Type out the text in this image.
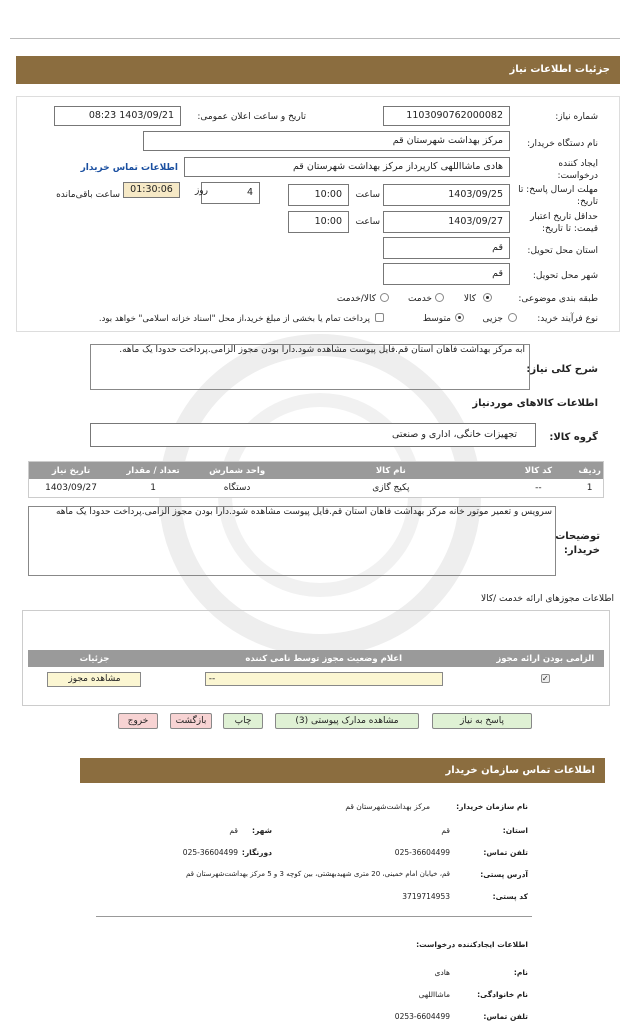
جزئیات اطلاعات نیاز
شماره نیاز:
1103090762000082
تاریخ و ساعت اعلان عمومی:
1403/09/21 08:23
نام دستگاه خریدار:
مرکز بهداشت شهرستان قم
ایجاد کننده درخواست:
هادی ماشااللهی کارپرداز مرکز بهداشت شهرستان قم
اطلاعات تماس خریدار
مهلت ارسال پاسخ: تا تاریخ:
1403/09/25
ساعت
10:00
4
روز
01:30:06
ساعت باقی‌مانده
حداقل تاریخ اعتبار قیمت: تا تاریخ:
1403/09/27
ساعت
10:00
استان محل تحویل:
قم
شهر محل تحویل:
قم
طبقه بندی موضوعی:
کالا
خدمت
کالا/خدمت
نوع فرآیند خرید:
جزیی
متوسط
پرداخت تمام یا بخشی از مبلغ خرید،از محل "اسناد خزانه اسلامی" خواهد بود.
شرح کلی نیاز:
ابه مرکز بهداشت فاهان استان قم.فایل پیوست مشاهده شود.دارا بودن مجوز الزامی.پرداخت حدودا یک ماهه.
اطلاعات کالاهای موردنیاز
گروه کالا:
تجهیزات خانگی، اداری و صنعتی
ردیف	کد کالا	نام کالا	واحد شمارش	تعداد / مقدار	تاریخ نیاز
1	--	پکیج گازی	دستگاه	1	1403/09/27
توضیحات خریدار:
سرویس و تعمیر موتور خانه مرکز بهداشت فاهان استان قم.فایل پیوست مشاهده شود.دارا بودن مجوز الزامی.پرداخت حدودا یک ماهه
اطلاعات مجوزهای ارائه خدمت /کالا
الزامی بودن ارائه مجوز	اعلام وضعیت مجوز توسط نامی کننده	جزئیات
✓	--	مشاهده مجوز
پاسخ به نیاز
مشاهده مدارک پیوستی (3)
چاپ
بازگشت
خروج
اطلاعات تماس سازمان خریدار
نام سازمان خریدار:
مرکز بهداشت‌شهرستان قم
استان:
قم
شهر:
قم
تلفن تماس:
025-36604499
دورنگار:
025-36604499
آدرس پستی:
قم، خیابان امام خمینی، 20 متری شهیدبهشتی، بین کوچه 3 و 5 مرکز بهداشت‌شهرستان قم
کد پستی:
3719714953
اطلاعات ایجادکننده درخواست:
نام:
هادی
نام خانوادگی:
ماشااللهی
تلفن تماس:
0253-6604499
